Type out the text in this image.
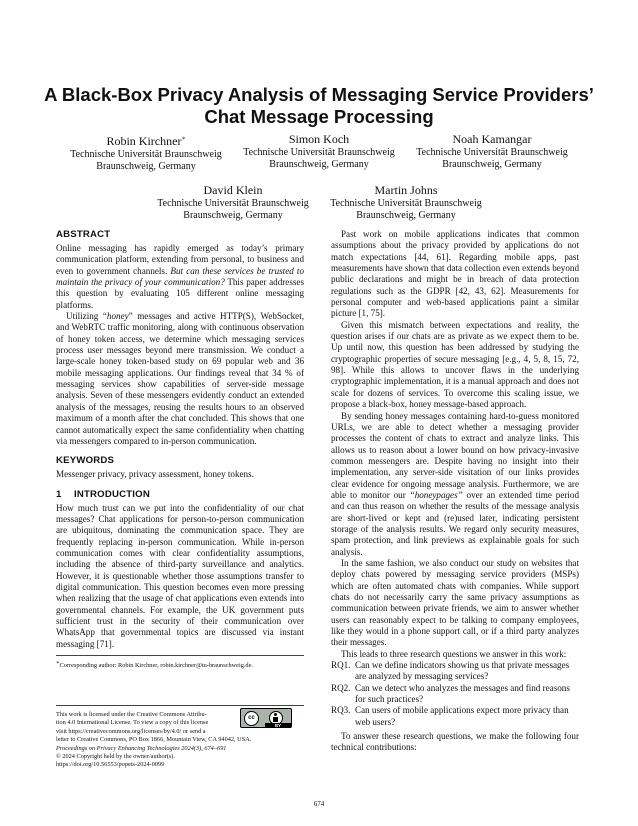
A Black-Box Privacy Analysis of Messaging Service Providers’
Chat Message Processing
Robin Kirchner∗
Technische Universität Braunschweig
Braunschweig, Germany
Simon Koch
Technische Universität Braunschweig
Braunschweig, Germany
Noah Kamangar
Technische Universität Braunschweig
Braunschweig, Germany
David Klein
Technische Universität Braunschweig
Braunschweig, Germany
Martin Johns
Technische Universität Braunschweig
Braunschweig, Germany
ABSTRACT

Online messaging has rapidly emerged as today’s primary communication platform, extending from personal, to business and even to government channels. But can these services be trusted to maintain the privacy of your communication? This paper addresses this question by evaluating 105 different online messaging platforms.

Utilizing “honey” messages and active HTTP(S), WebSocket, and WebRTC traffic monitoring, along with continuous observation of honey token access, we determine which messaging services process user messages beyond mere transmission. We conduct a large-scale honey token-based study on 69 popular web and 36 mobile messaging applications. Our findings reveal that 34 % of messaging services show capabilities of server-side message analysis. Seven of these messengers evidently conduct an extended analysis of the messages, reusing the results hours to an observed maximum of a month after the chat concluded. This shows that one cannot automatically expect the same confidentiality when chatting via messengers compared to in-person communication.

KEYWORDS

Messenger privacy, privacy assessment, honey tokens.

1 INTRODUCTION

How much trust can we put into the confidentiality of our chat messages? Chat applications for person-to-person communication are ubiquitous, dominating the communication space. They are frequently replacing in-person communication. While in-person communication comes with clear confidentiality assumptions, including the absence of third-party surveillance and analytics. However, it is questionable whether those assumptions transfer to digital communication. This question becomes even more pressing when realizing that the usage of chat applications even extends into governmental channels. For example, the UK government puts sufficient trust in the security of their communication over WhatsApp that governmental topics are discussed via instant messaging [71].

∗Corresponding author: Robin Kirchner, robin.kirchner@tu-braunschweig.de.
This work is licensed under the Creative Commons Attribu-
tion 4.0 International License. To view a copy of this license
visit https://creativecommons.org/licenses/by/4.0/ or send a
letter to Creative Commons, PO Box 1866, Mountain View, CA 94042, USA.
Proceedings on Privacy Enhancing Technologies 2024(3), 674–691
© 2024 Copyright held by the owner/author(s).
https://doi.org/10.56553/popets-2024-0099
cc
BY

Past work on mobile applications indicates that common assumptions about the privacy provided by applications do not match expectations [44, 61]. Regarding mobile apps, past measurements have shown that data collection even extends beyond public declarations and might be in breach of data protection regulations such as the GDPR [42, 43, 62]. Measurements for personal computer and web-based applications paint a similar picture [1, 75].

Given this mismatch between expectations and reality, the question arises if our chats are as private as we expect them to be. Up until now, this question has been addressed by studying the cryptographic properties of secure messaging [e.g., 4, 5, 8, 15, 72, 98]. While this allows to uncover flaws in the underlying cryptographic implementation, it is a manual approach and does not scale for dozens of services. To overcome this scaling issue, we propose a black-box, honey message-based approach.

By sending honey messages containing hard-to-guess monitored URLs, we are able to detect whether a messaging provider processes the content of chats to extract and analyze links. This allows us to reason about a lower bound on how privacy-invasive common messengers are. Despite having no insight into their implementation, any server-side visitation of our links provides clear evidence for ongoing message analysis. Furthermore, we are able to monitor our “honeypages” over an extended time period and can thus reason on whether the results of the message analysis are short-lived or kept and (re)used later, indicating persistent storage of the analysis results. We regard only security measures, spam protection, and link previews as explainable goals for such analysis.

In the same fashion, we also conduct our study on websites that deploy chats powered by messaging service providers (MSPs) which are often automated chats with companies. While support chats do not necessarily carry the same privacy assumptions as communication between private friends, we aim to answer whether users can reasonably expect to be talking to company employees, like they would in a phone support call, or if a third party analyzes their messages.

This leads to three research questions we answer in this work:

RQ1. Can we define indicators showing us that private messages are analyzed by messaging services?
RQ2. Can we detect who analyzes the messages and find reasons for such practices?
RQ3. Can users of mobile applications expect more privacy than web users?

To answer these research questions, we make the following four technical contributions:

674
